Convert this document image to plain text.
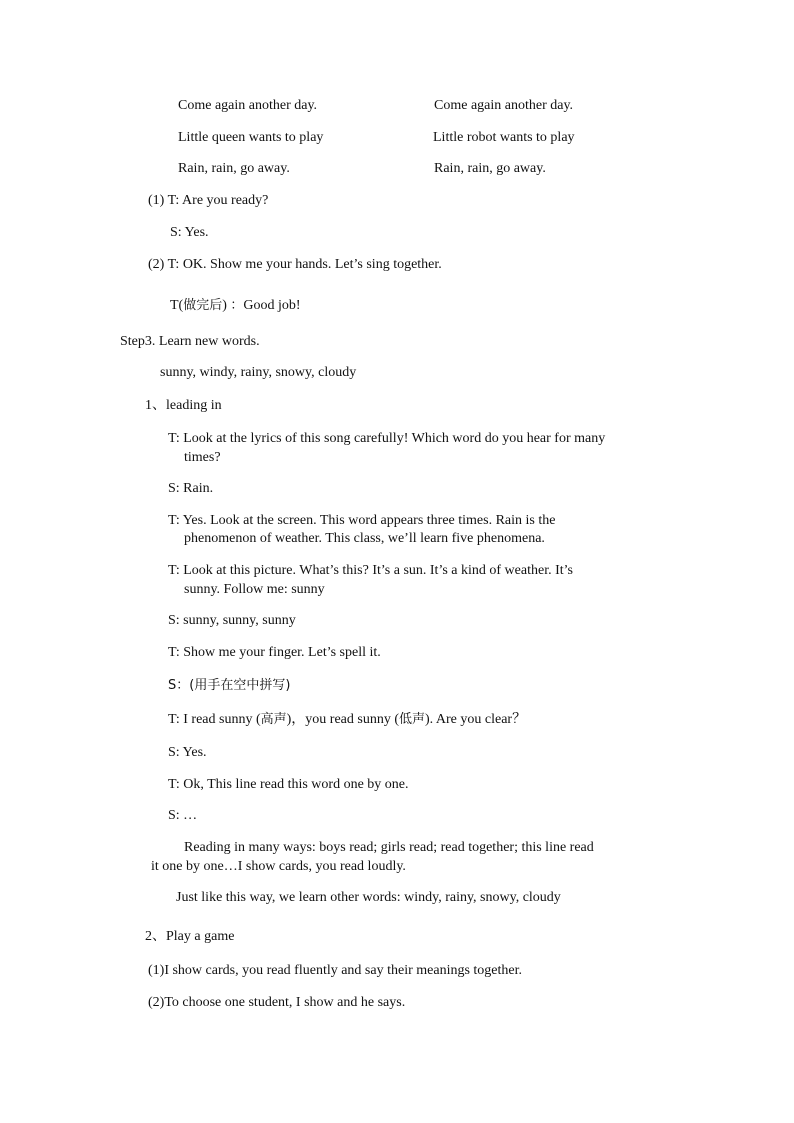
Come again another day.	Come again another day.
Little queen wants to play	Little robot wants to play
Rain, rain, go away.	Rain, rain, go away.
(1) T: Are you ready?
S: Yes.
(2) T: OK. Show me your hands. Let’s sing together.
T(做完后) ：Good job!
Step3. Learn new words.
sunny, windy, rainy, snowy, cloudy
1、leading in
T: Look at the lyrics of this song carefully! Which word do you hear for many
times?
S: Rain.
T: Yes. Look at the screen. This word appears three times. Rain is the
phenomenon of weather. This class, we’ll learn five phenomena.
T: Look at this picture. What’s this? It’s a sun. It’s a kind of weather. It’s
sunny. Follow me: sunny
S: sunny, sunny, sunny
T: Show me your finger. Let’s spell it.
S：(用手在空中拼写)
T: I read sunny (高声)，you read sunny (低声). Are you clear？
S: Yes.
T: Ok, This line read this word one by one.
S: …
Reading in many ways: boys read; girls read; read together; this line read
it one by one…I show cards, you read loudly.
Just like this way, we learn other words: windy, rainy, snowy, cloudy
2、Play a game
(1)I show cards, you read fluently and say their meanings together.
(2)To choose one student, I show and he says.
